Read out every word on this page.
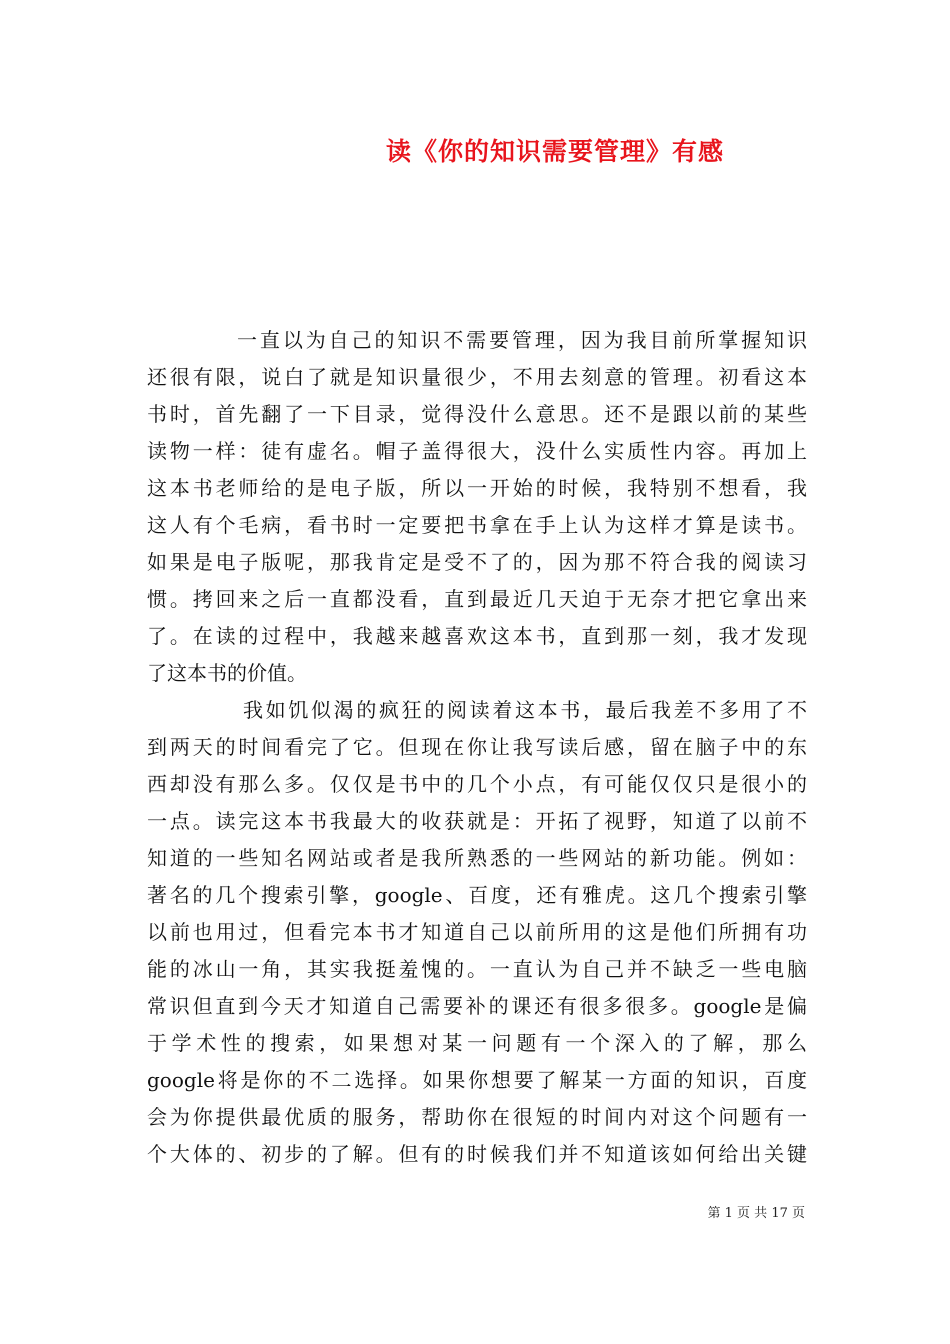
读《你的知识需要管理》有感
一直以为自己的知识不需要管理，因为我目前所掌握知识
还很有限，说白了就是知识量很少，不用去刻意的管理。初看这本
书时，首先翻了一下目录，觉得没什么意思。还不是跟以前的某些
读物一样：徒有虚名。帽子盖得很大，没什么实质性内容。再加上
这本书老师给的是电子版，所以一开始的时候，我特别不想看，我
这人有个毛病，看书时一定要把书拿在手上认为这样才算是读书。
如果是电子版呢，那我肯定是受不了的，因为那不符合我的阅读习
惯。拷回来之后一直都没看，直到最近几天迫于无奈才把它拿出来
了。在读的过程中，我越来越喜欢这本书，直到那一刻，我才发现
了这本书的价值。
我如饥似渴的疯狂的阅读着这本书，最后我差不多用了不
到两天的时间看完了它。但现在你让我写读后感，留在脑子中的东
西却没有那么多。仅仅是书中的几个小点，有可能仅仅只是很小的
一点。读完这本书我最大的收获就是：开拓了视野，知道了以前不
知道的一些知名网站或者是我所熟悉的一些网站的新功能。例如：
著名的几个搜索引擎，google、百度，还有雅虎。这几个搜索引擎
以前也用过，但看完本书才知道自己以前所用的这是他们所拥有功
能的冰山一角，其实我挺羞愧的。一直认为自己并不缺乏一些电脑
常识但直到今天才知道自己需要补的课还有很多很多。google是偏
于学术性的搜索，如果想对某一问题有一个深入的了解，那么
google将是你的不二选择。如果你想要了解某一方面的知识，百度
会为你提供最优质的服务，帮助你在很短的时间内对这个问题有一
个大体的、初步的了解。但有的时候我们并不知道该如何给出关键
第 1 页 共 17 页
